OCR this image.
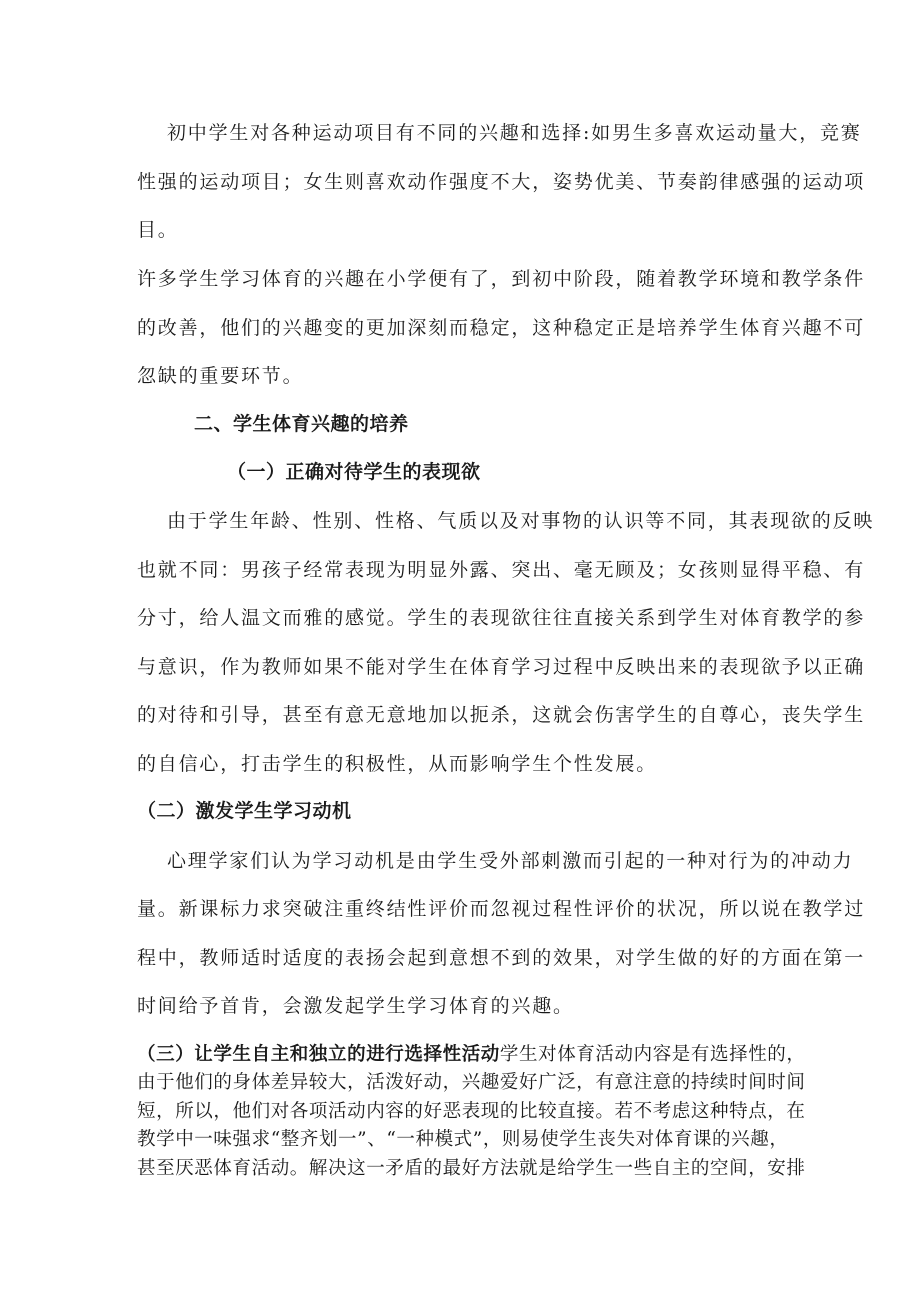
初中学生对各种运动项目有不同的兴趣和选择:如男生多喜欢运动量大，竞赛
性强的运动项目；女生则喜欢动作强度不大，姿势优美、节奏韵律感强的运动项
目。
许多学生学习体育的兴趣在小学便有了，到初中阶段，随着教学环境和教学条件
的改善，他们的兴趣变的更加深刻而稳定，这种稳定正是培养学生体育兴趣不可
忽缺的重要环节。
二、学生体育兴趣的培养
（一）正确对待学生的表现欲
由于学生年龄、性别、性格、气质以及对事物的认识等不同，其表现欲的反映
也就不同：男孩子经常表现为明显外露、突出、毫无顾及；女孩则显得平稳、有
分寸，给人温文而雅的感觉。学生的表现欲往往直接关系到学生对体育教学的参
与意识，作为教师如果不能对学生在体育学习过程中反映出来的表现欲予以正确
的对待和引导，甚至有意无意地加以扼杀，这就会伤害学生的自尊心，丧失学生
的自信心，打击学生的积极性，从而影响学生个性发展。
（二）激发学生学习动机
心理学家们认为学习动机是由学生受外部刺激而引起的一种对行为的冲动力
量。新课标力求突破注重终结性评价而忽视过程性评价的状况，所以说在教学过
程中，教师适时适度的表扬会起到意想不到的效果，对学生做的好的方面在第一
时间给予首肯，会激发起学生学习体育的兴趣。
（三）让学生自主和独立的进行选择性活动学生对体育活动内容是有选择性的，
由于他们的身体差异较大，活泼好动，兴趣爱好广泛，有意注意的持续时间时间
短，所以，他们对各项活动内容的好恶表现的比较直接。若不考虑这种特点，在
教学中一味强求“整齐划一”、“一种模式”，则易使学生丧失对体育课的兴趣，
甚至厌恶体育活动。解决这一矛盾的最好方法就是给学生一些自主的空间，安排
